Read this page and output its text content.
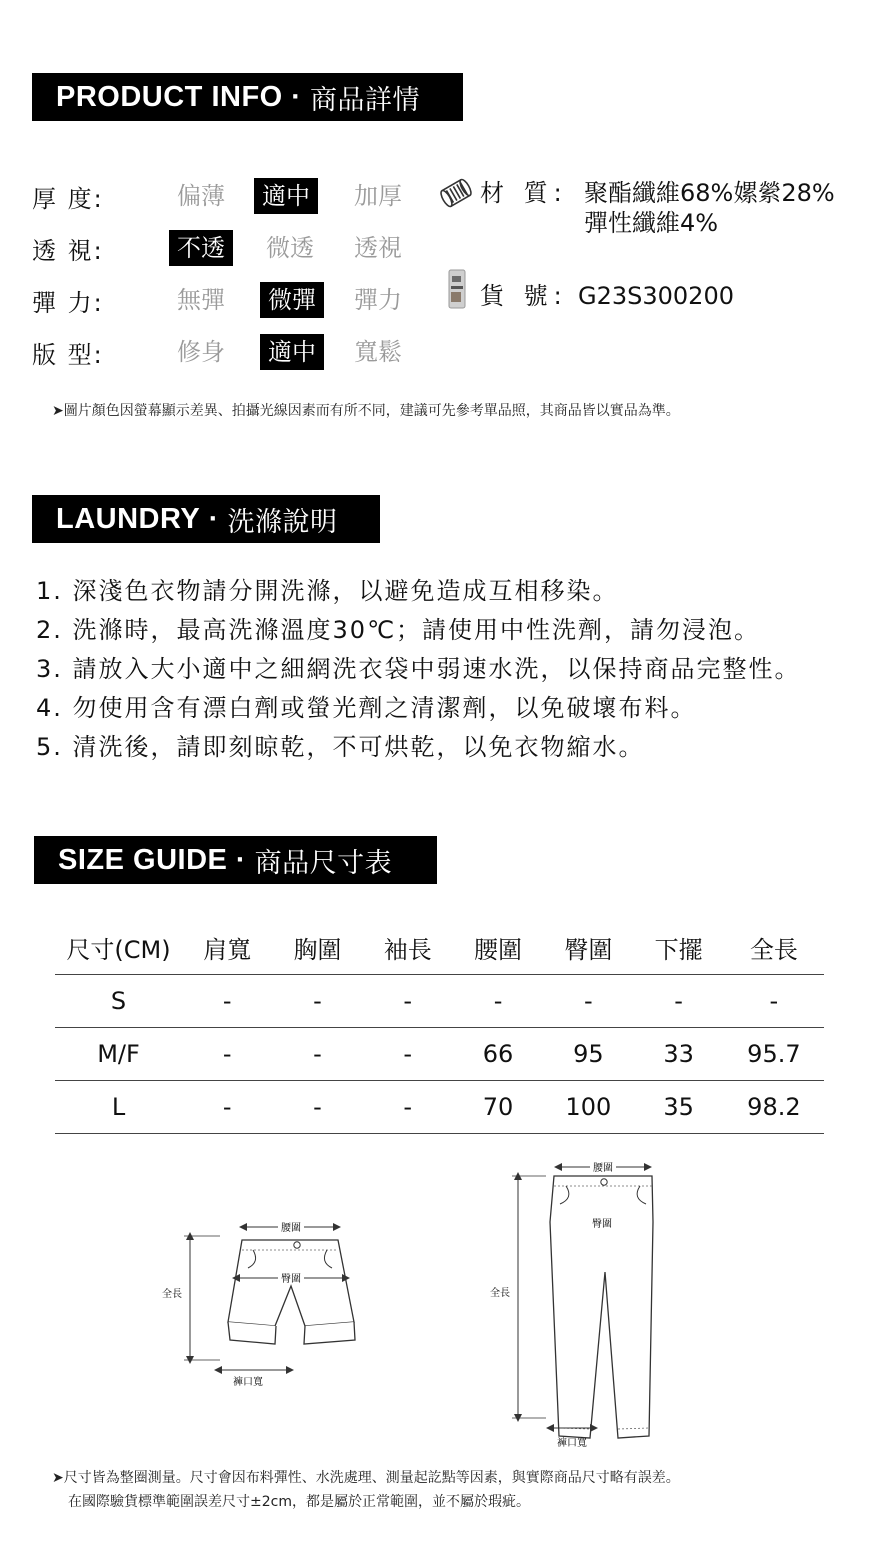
PRODUCT INFO · 商品詳情
厚 度:	偏薄	適中	加厚
透 視:	不透	微透	透視
彈 力:	無彈	微彈	彈力
版 型:	修身	適中	寬鬆
材 質: 聚酯纖維68%嫘縈28%
彈性纖維4%
貨 號: G23S300200
➤圖片顏色因螢幕顯示差異、拍攝光線因素而有所不同，建議可先參考單品照，其商品皆以實品為準。
LAUNDRY · 洗滌說明
1. 深淺色衣物請分開洗滌，以避免造成互相移染。
2. 洗滌時，最高洗滌溫度30℃；請使用中性洗劑，請勿浸泡。
3. 請放入大小適中之細網洗衣袋中弱速水洗，以保持商品完整性。
4. 勿使用含有漂白劑或螢光劑之清潔劑，以免破壞布料。
5. 清洗後，請即刻晾乾，不可烘乾，以免衣物縮水。
SIZE GUIDE · 商品尺寸表
尺寸(CM)	肩寬	胸圍	袖長	腰圍	臀圍	下擺	全長
S	-	-	-	-	-	-	-
M/F	-	-	-	66	95	33	95.7
L	-	-	-	70	100	35	98.2
腰圍
臀圍
全長
褲口寬
腰圍
臀圍
全長
褲口寬
➤尺寸皆為整圈測量。尺寸會因布料彈性、水洗處理、測量起訖點等因素，與實際商品尺寸略有誤差。
在國際驗貨標準範圍誤差尺寸±2cm，都是屬於正常範圍，並不屬於瑕疵。
